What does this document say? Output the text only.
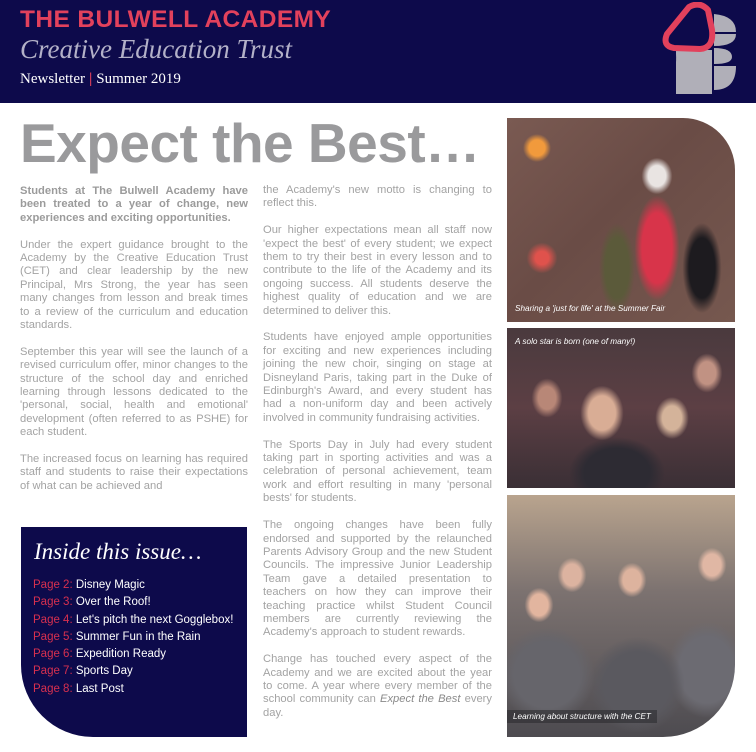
THE BULWELL ACADEMY
Creative Education Trust
Newsletter | Summer 2019
Expect the Best…

Students at The Bulwell Academy have been treated to a year of change, new experiences and exciting opportunities.

Under the expert guidance brought to the Academy by the Creative Education Trust (CET) and clear leadership by the new Principal, Mrs Strong, the year has seen many changes from lesson and break times to a review of the curriculum and education standards.

September this year will see the launch of a revised curriculum offer, minor changes to the structure of the school day and enriched learning through lessons dedicated to the 'personal, social, health and emotional' development (often referred to as PSHE) for each student.

The increased focus on learning has required staff and students to raise their expectations of what can be achieved and

the Academy's new motto is changing to reflect this.

Our higher expectations mean all staff now 'expect the best' of every student; we expect them to try their best in every lesson and to contribute to the life of the Academy and its ongoing success. All students deserve the highest quality of education and we are determined to deliver this.

Students have enjoyed ample opportunities for exciting and new experiences including joining the new choir, singing on stage at Disneyland Paris, taking part in the Duke of Edinburgh's Award, and every student has had a non-uniform day and been actively involved in community fundraising activities.

The Sports Day in July had every student taking part in sporting activities and was a celebration of personal achievement, team work and effort resulting in many 'personal bests' for students.

The ongoing changes have been fully endorsed and supported by the relaunched Parents Advisory Group and the new Student Councils. The impressive Junior Leadership Team gave a detailed presentation to teachers on how they can improve their teaching practice whilst Student Council members are currently reviewing the Academy's approach to student rewards.

Change has touched every aspect of the Academy and we are excited about the year to come. A year where every member of the school community can Expect the Best every day.

Inside this issue…
Page 2: Disney Magic
Page 3: Over the Roof!
Page 4: Let's pitch the next Gogglebox!
Page 5: Summer Fun in the Rain
Page 6: Expedition Ready
Page 7: Sports Day
Page 8: Last Post
Sharing a 'just for life' at the Summer Fair
A solo star is born (one of many!)
Learning about structure with the CET
